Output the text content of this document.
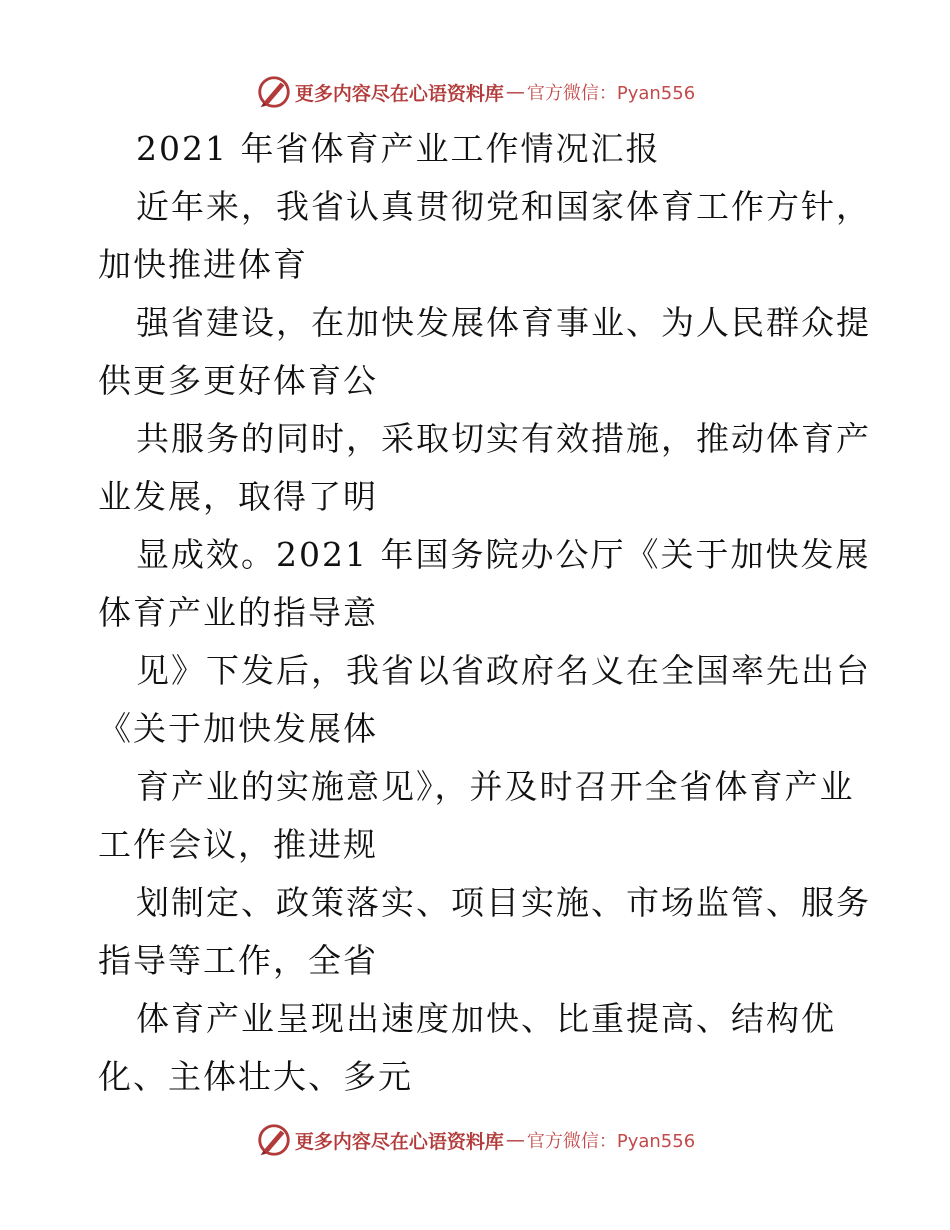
更多内容尽在心语资料库 — 官方微信：Pyan556
2021 年省体育产业工作情况汇报
近年来，我省认真贯彻党和国家体育工作方针，
加快推进体育
强省建设，在加快发展体育事业、为人民群众提
供更多更好体育公
共服务的同时，采取切实有效措施，推动体育产
业发展，取得了明
显成效。2021 年国务院办公厅《关于加快发展
体育产业的指导意
见》下发后，我省以省政府名义在全国率先出台
《关于加快发展体
育产业的实施意见》，并及时召开全省体育产业
工作会议，推进规
划制定、政策落实、项目实施、市场监管、服务
指导等工作，全省
体育产业呈现出速度加快、比重提高、结构优
化、主体壮大、多元
更多内容尽在心语资料库 — 官方微信：Pyan556
